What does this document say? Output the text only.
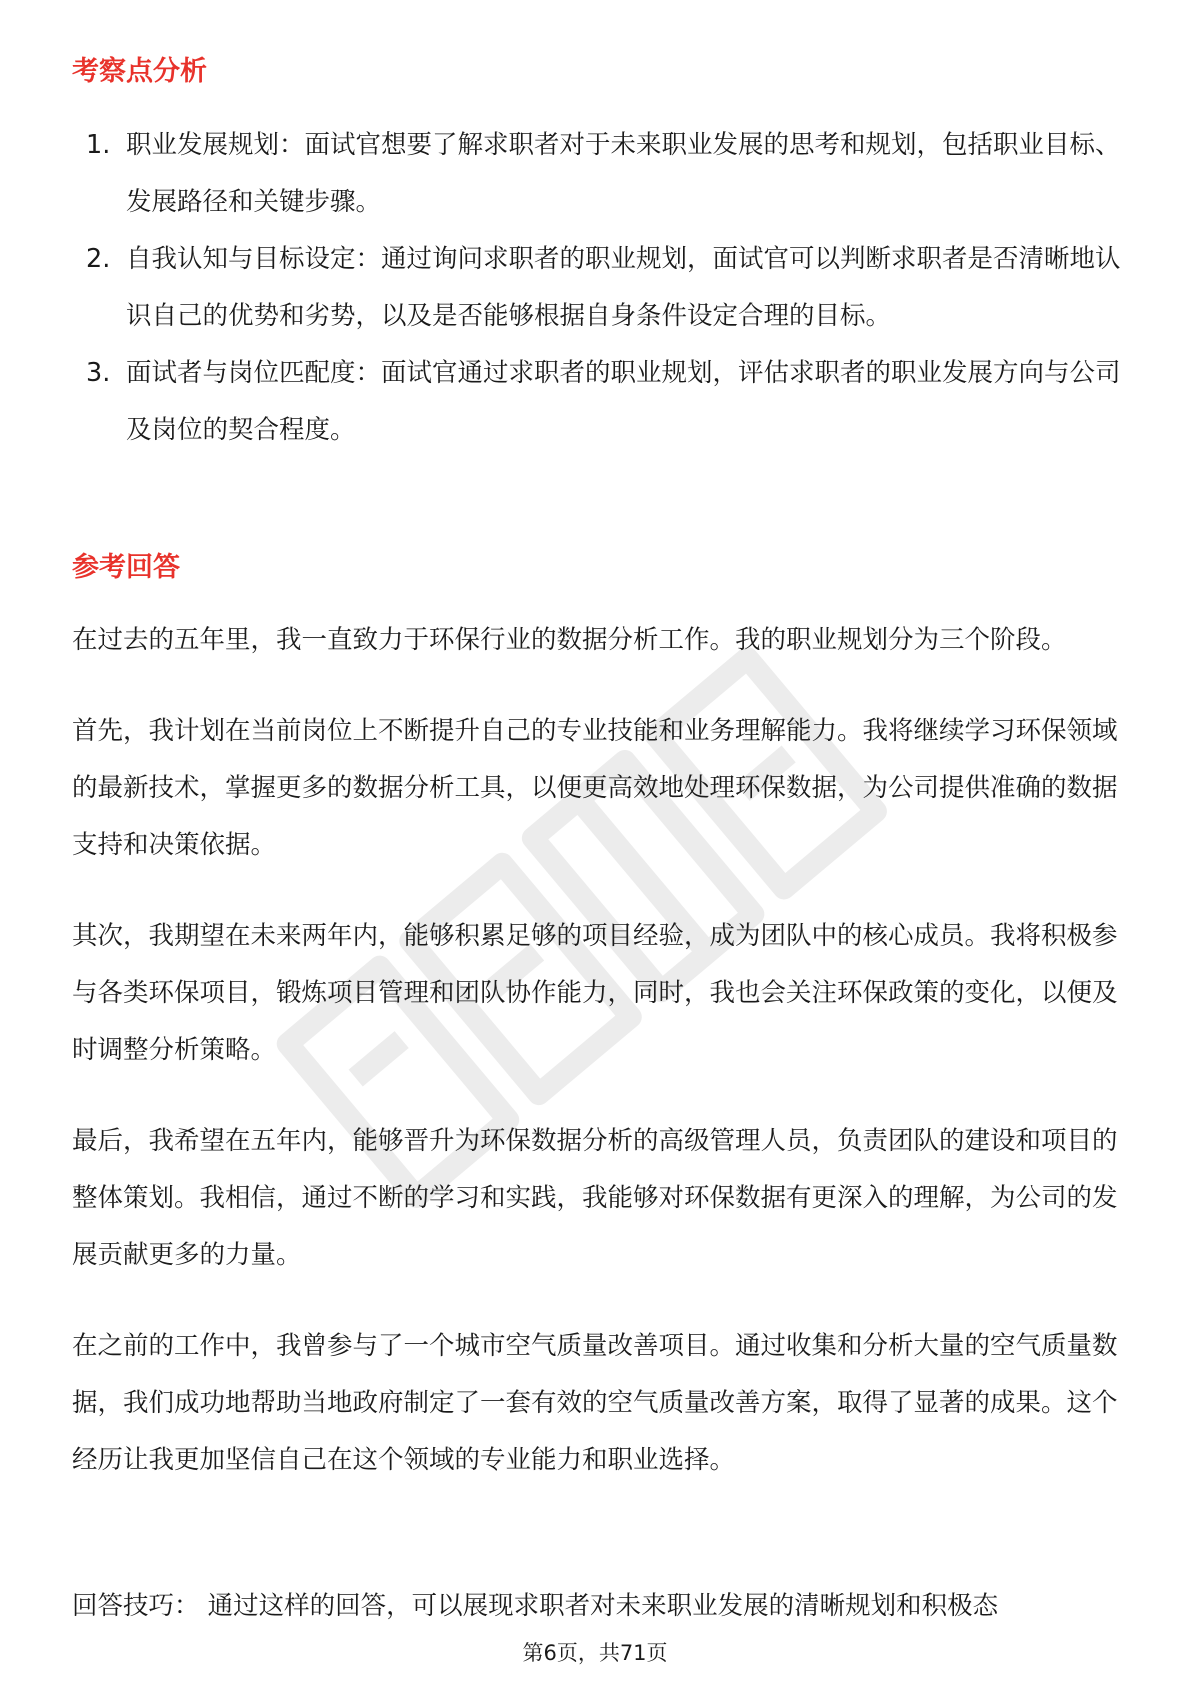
考察点分析
1. 职业发展规划：面试官想要了解求职者对于未来职业发展的思考和规划，包括职业目标、发展路径和关键步骤。
2. 自我认知与目标设定：通过询问求职者的职业规划，面试官可以判断求职者是否清晰地认识自己的优势和劣势，以及是否能够根据自身条件设定合理的目标。
3. 面试者与岗位匹配度：面试官通过求职者的职业规划，评估求职者的职业发展方向与公司及岗位的契合程度。
参考回答

在过去的五年里，我一直致力于环保行业的数据分析工作。我的职业规划分为三个阶段。

首先，我计划在当前岗位上不断提升自己的专业技能和业务理解能力。我将继续学习环保领域的最新技术，掌握更多的数据分析工具，以便更高效地处理环保数据，为公司提供准确的数据支持和决策依据。

其次，我期望在未来两年内，能够积累足够的项目经验，成为团队中的核心成员。我将积极参与各类环保项目，锻炼项目管理和团队协作能力，同时，我也会关注环保政策的变化，以便及时调整分析策略。

最后，我希望在五年内，能够晋升为环保数据分析的高级管理人员，负责团队的建设和项目的整体策划。我相信，通过不断的学习和实践，我能够对环保数据有更深入的理解，为公司的发展贡献更多的力量。

在之前的工作中，我曾参与了一个城市空气质量改善项目。通过收集和分析大量的空气质量数据，我们成功地帮助当地政府制定了一套有效的空气质量改善方案，取得了显著的成果。这个经历让我更加坚信自己在这个领域的专业能力和职业选择。

回答技巧： 通过这样的回答，可以展现求职者对未来职业发展的清晰规划和积极态
第6页，共71页
